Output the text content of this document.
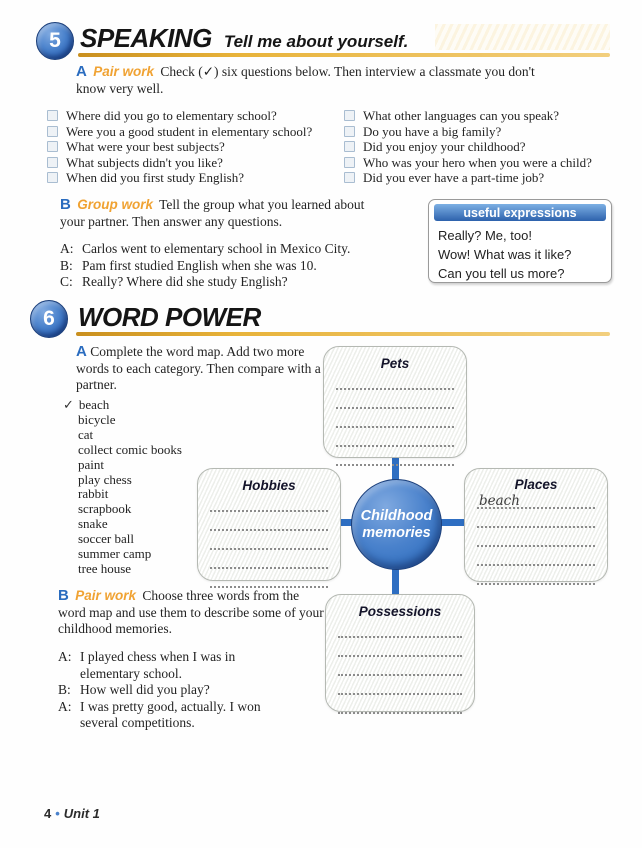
5 SPEAKING Tell me about yourself.
A Pair work Check (✓) six questions below. Then interview a classmate you don't know very well.
Where did you go to elementary school?
Were you a good student in elementary school?
What were your best subjects?
What subjects didn't you like?
When did you first study English?
What other languages can you speak?
Do you have a big family?
Did you enjoy your childhood?
Who was your hero when you were a child?
Did you ever have a part-time job?
B Group work Tell the group what you learned about your partner. Then answer any questions.
A: Carlos went to elementary school in Mexico City.
B: Pam first studied English when she was 10.
C: Really? Where did she study English?
useful expressions
Really? Me, too!
Wow! What was it like?
Can you tell us more?
6 WORD POWER
A Complete the word map. Add two more words to each category. Then compare with a partner.
✓ beach
bicycle
cat
collect comic books
paint
play chess
rabbit
scrapbook
snake
soccer ball
summer camp
tree house
Pets
Hobbies	Places
beach
Possessions
Childhood memories
B Pair work Choose three words from the word map and use them to describe some of your childhood memories.
A: I played chess when I was in elementary school.
B: How well did you play?
A: I was pretty good, actually. I won several competitions.
4 • Unit 1
